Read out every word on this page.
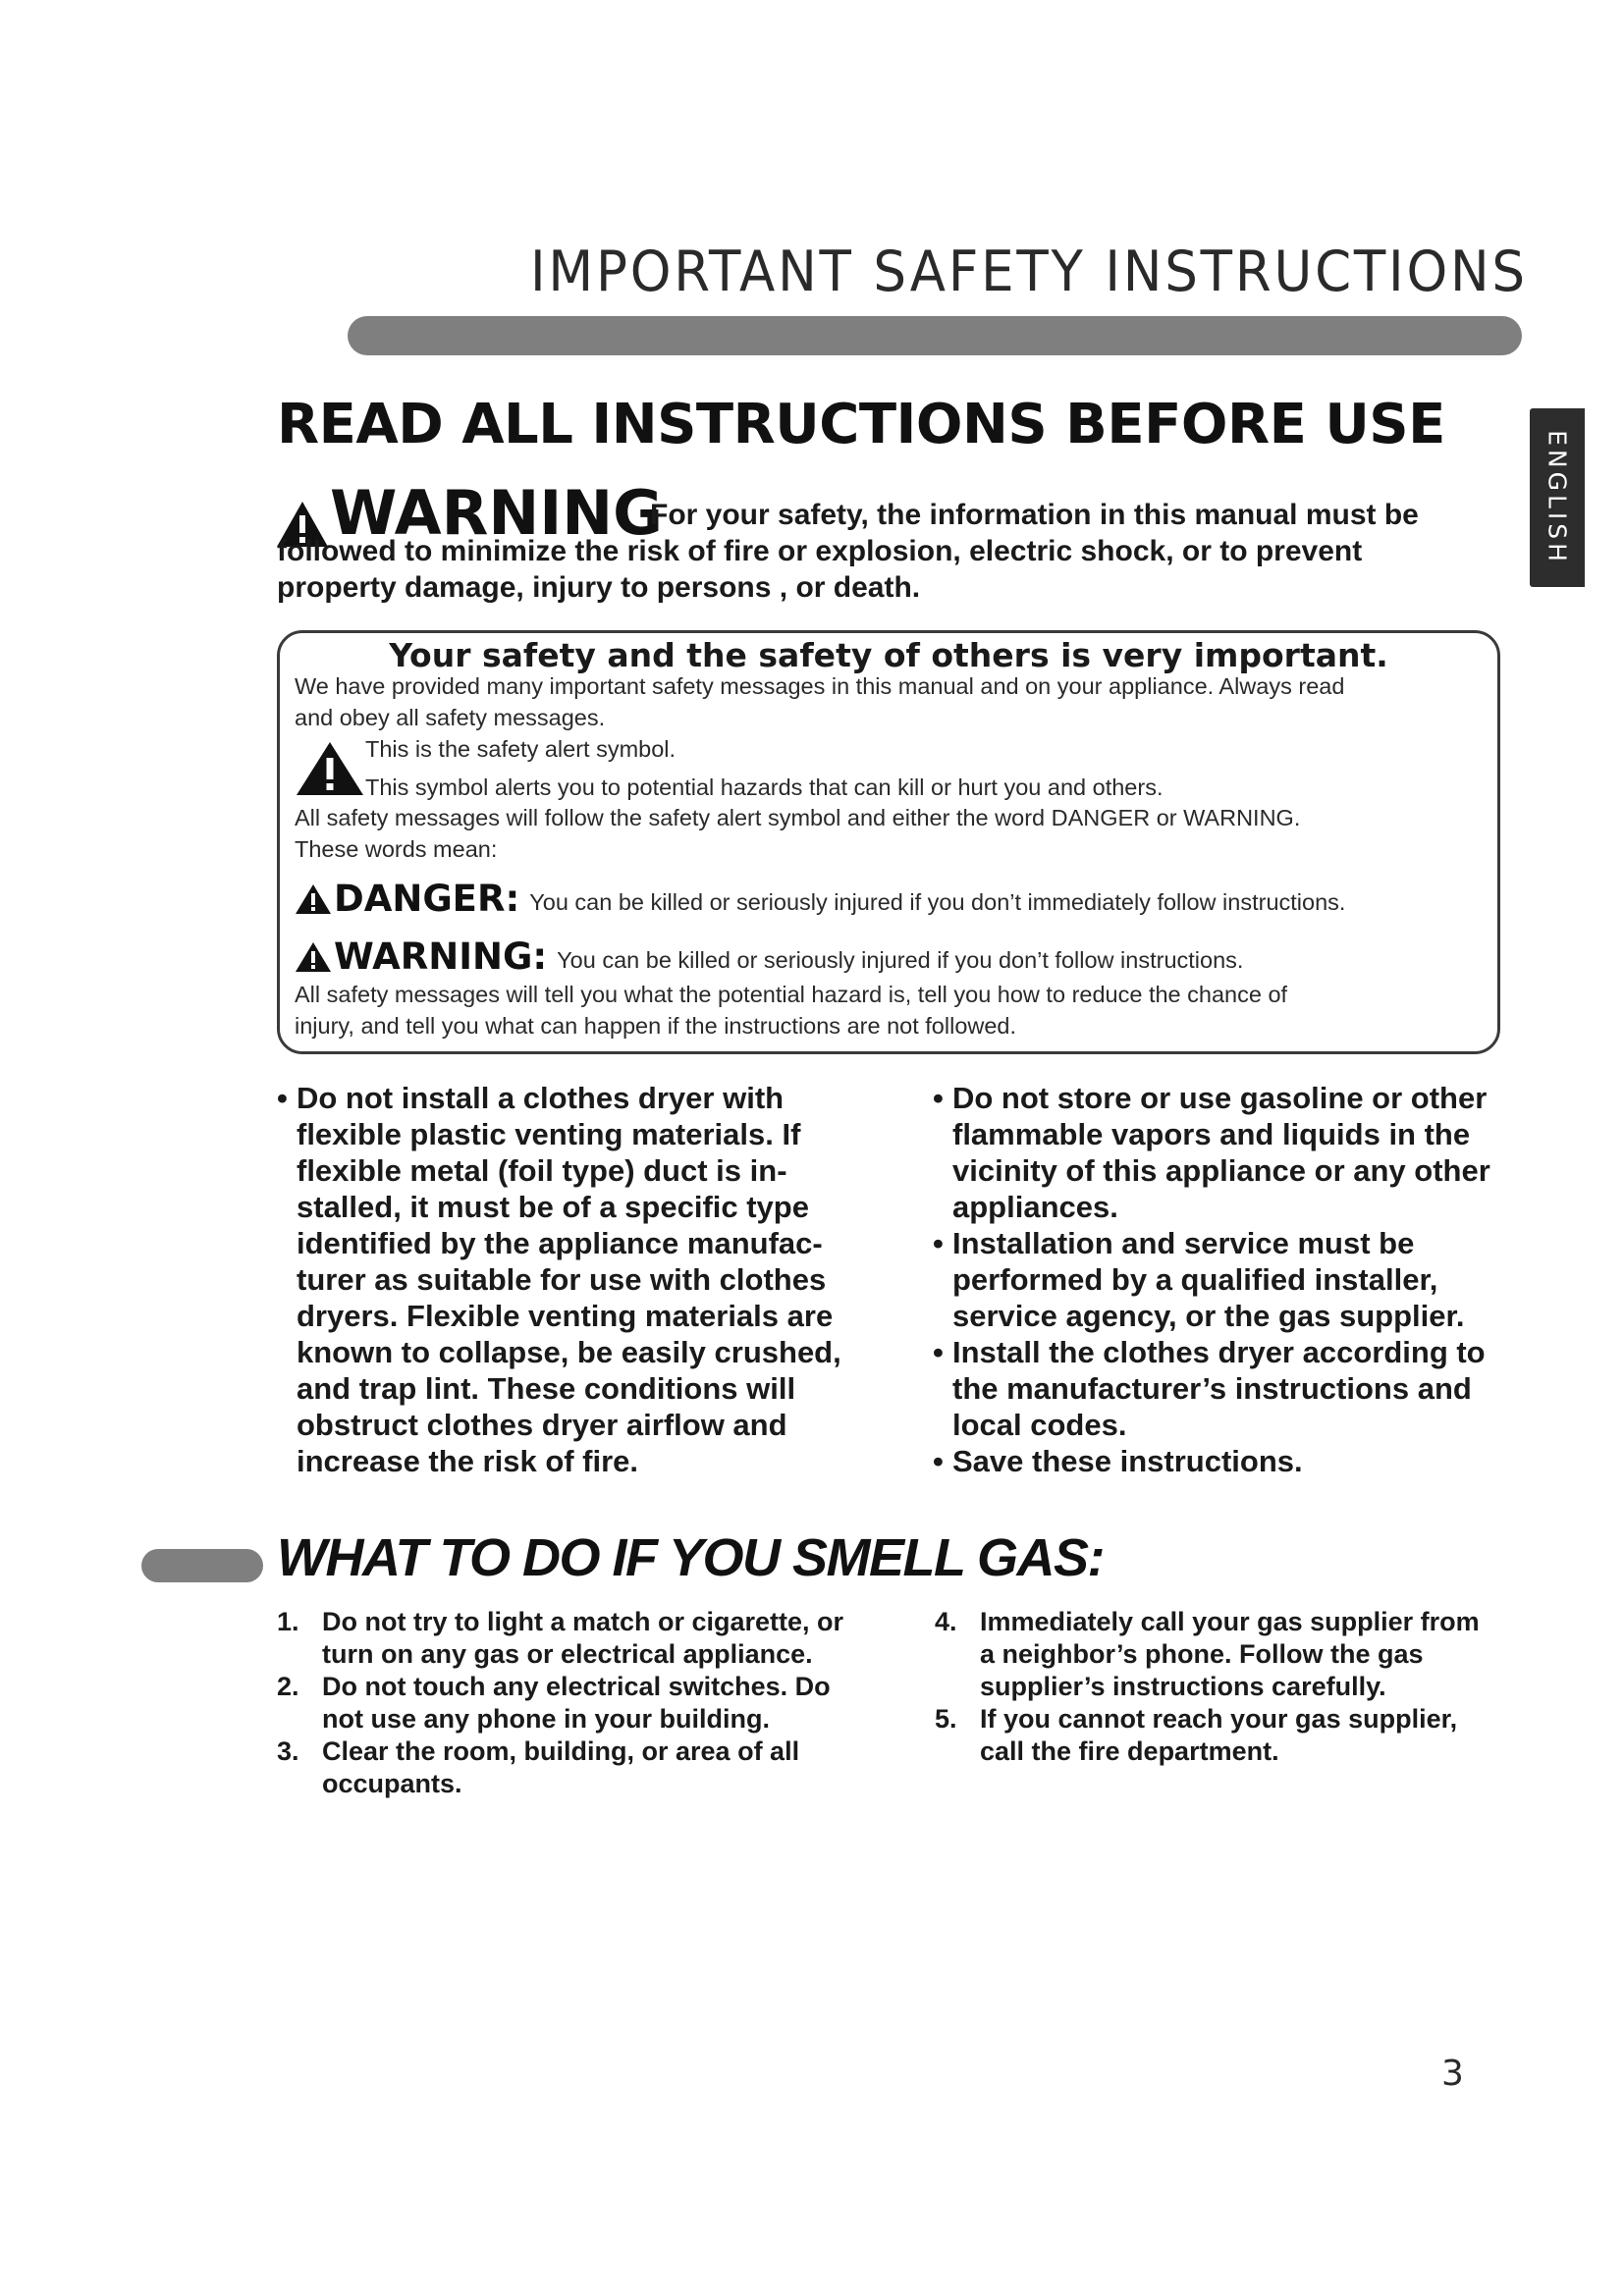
IMPORTANT SAFETY INSTRUCTIONS
ENGLISH
READ ALL INSTRUCTIONS BEFORE USE
WARNING
For your safety, the information in this manual must be followed to minimize the risk of fire or explosion, electric shock, or to prevent property damage, injury to persons , or death.
Your safety and the safety of others is very important.
We have provided many important safety messages in this manual and on your appliance. Always read
and obey all safety messages.
This is the safety alert symbol.
This symbol alerts you to potential hazards that can kill or hurt you and others.
All safety messages will follow the safety alert symbol and either the word DANGER or WARNING.
These words mean:
DANGER: You can be killed or seriously injured if you don’t immediately follow instructions.
WARNING: You can be killed or seriously injured if you don’t follow instructions.
All safety messages will tell you what the potential hazard is, tell you how to reduce the chance of
injury, and tell you what can happen if the instructions are not followed.
• Do not install a clothes dryer with flexible plastic venting materials. If flexible metal (foil type) duct is in-stalled, it must be of a specific type identified by the appliance manufac-turer as suitable for use with clothes dryers. Flexible venting materials are known to collapse, be easily crushed, and trap lint. These conditions will obstruct clothes dryer airflow and increase the risk of fire.
• Do not store or use gasoline or other flammable vapors and liquids in the vicinity of this appliance or any other appliances.
• Installation and service must be performed by a qualified installer, service agency, or the gas supplier.
• Install the clothes dryer according to the manufacturer’s instructions and local codes.
• Save these instructions.
WHAT TO DO IF YOU SMELL GAS:
1. Do not try to light a match or cigarette, or turn on any gas or electrical appliance.
2. Do not touch any electrical switches. Do not use any phone in your building.
3. Clear the room, building, or area of all occupants.
4. Immediately call your gas supplier from a neighbor’s phone. Follow the gas supplier’s instructions carefully.
5. If you cannot reach your gas supplier, call the fire department.
3
